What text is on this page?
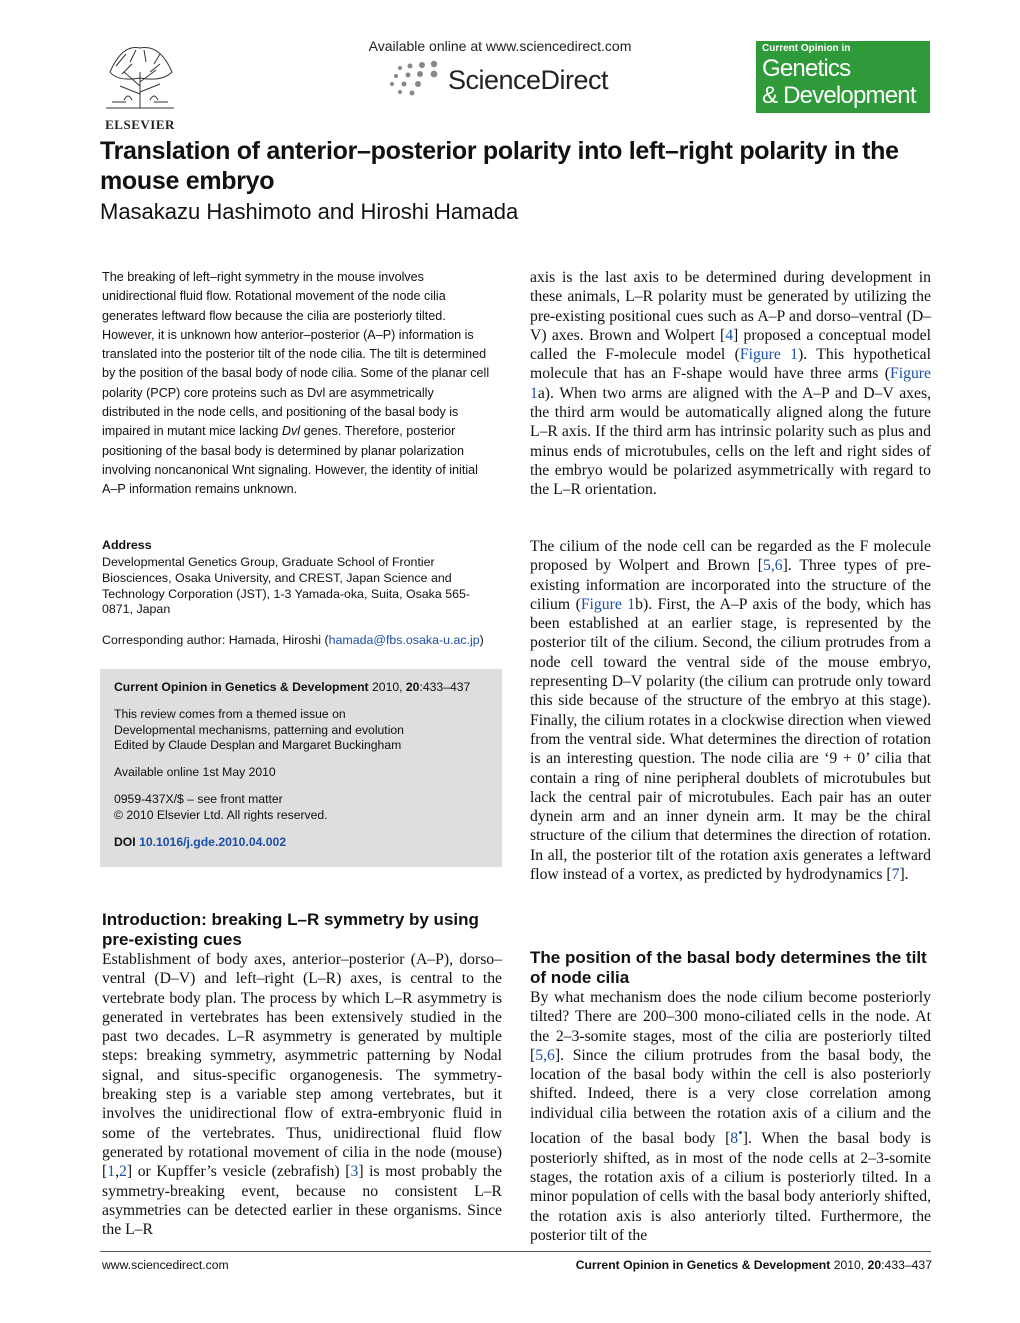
ELSEVIER
Available online at www.sciencedirect.com
ScienceDirect
Current Opinion in
Genetics
& Development
Translation of anterior–posterior polarity into left–right polarity in the mouse embryo
Masakazu Hashimoto and Hiroshi Hamada
The breaking of left–right symmetry in the mouse involves unidirectional fluid flow. Rotational movement of the node cilia generates leftward flow because the cilia are posteriorly tilted. However, it is unknown how anterior–posterior (A–P) information is translated into the posterior tilt of the node cilia. The tilt is determined by the position of the basal body of node cilia. Some of the planar cell polarity (PCP) core proteins such as Dvl are asymmetrically distributed in the node cells, and positioning of the basal body is impaired in mutant mice lacking Dvl genes. Therefore, posterior positioning of the basal body is determined by planar polarization involving noncanonical Wnt signaling. However, the identity of initial A–P information remains unknown.
Address
Developmental Genetics Group, Graduate School of Frontier Biosciences, Osaka University, and CREST, Japan Science and Technology Corporation (JST), 1-3 Yamada-oka, Suita, Osaka 565-0871, Japan
Corresponding author: Hamada, Hiroshi (hamada@fbs.osaka-u.ac.jp)
Current Opinion in Genetics & Development 2010, 20:433–437
This review comes from a themed issue on
Developmental mechanisms, patterning and evolution
Edited by Claude Desplan and Margaret Buckingham
Available online 1st May 2010
0959-437X/$ – see front matter
© 2010 Elsevier Ltd. All rights reserved.
DOI 10.1016/j.gde.2010.04.002
Introduction: breaking L–R symmetry by using pre-existing cues
Establishment of body axes, anterior–posterior (A–P), dorso–ventral (D–V) and left–right (L–R) axes, is central to the vertebrate body plan. The process by which L–R asymmetry is generated in vertebrates has been extensively studied in the past two decades. L–R asymmetry is generated by multiple steps: breaking symmetry, asymmetric patterning by Nodal signal, and situs-specific organogenesis. The symmetry-breaking step is a variable step among vertebrates, but it involves the unidirectional flow of extra-embryonic fluid in some of the vertebrates. Thus, unidirectional fluid flow generated by rotational movement of cilia in the node (mouse) [1,2] or Kupffer’s vesicle (zebrafish) [3] is most probably the symmetry-breaking event, because no consistent L–R asymmetries can be detected earlier in these organisms. Since the L–R
axis is the last axis to be determined during development in these animals, L–R polarity must be generated by utilizing the pre-existing positional cues such as A–P and dorso–ventral (D–V) axes. Brown and Wolpert [4] proposed a conceptual model called the F-molecule model (Figure 1). This hypothetical molecule that has an F-shape would have three arms (Figure 1a). When two arms are aligned with the A–P and D–V axes, the third arm would be automatically aligned along the future L–R axis. If the third arm has intrinsic polarity such as plus and minus ends of microtubules, cells on the left and right sides of the embryo would be polarized asymmetrically with regard to the L–R orientation.
The cilium of the node cell can be regarded as the F molecule proposed by Wolpert and Brown [5,6]. Three types of pre-existing information are incorporated into the structure of the cilium (Figure 1b). First, the A–P axis of the body, which has been established at an earlier stage, is represented by the posterior tilt of the cilium. Second, the cilium protrudes from a node cell toward the ventral side of the mouse embryo, representing D–V polarity (the cilium can protrude only toward this side because of the structure of the embryo at this stage). Finally, the cilium rotates in a clockwise direction when viewed from the ventral side. What determines the direction of rotation is an interesting question. The node cilia are ‘9 + 0’ cilia that contain a ring of nine peripheral doublets of microtubules but lack the central pair of microtubules. Each pair has an outer dynein arm and an inner dynein arm. It may be the chiral structure of the cilium that determines the direction of rotation. In all, the posterior tilt of the rotation axis generates a leftward flow instead of a vortex, as predicted by hydrodynamics [7].
The position of the basal body determines the tilt of node cilia
By what mechanism does the node cilium become posteriorly tilted? There are 200–300 mono-ciliated cells in the node. At the 2–3-somite stages, most of the cilia are posteriorly tilted [5,6]. Since the cilium protrudes from the basal body, the location of the basal body within the cell is also posteriorly shifted. Indeed, there is a very close correlation among individual cilia between the rotation axis of a cilium and the location of the basal body [8•]. When the basal body is posteriorly shifted, as in most of the node cells at 2–3-somite stages, the rotation axis of a cilium is posteriorly tilted. In a minor population of cells with the basal body anteriorly shifted, the rotation axis is also anteriorly tilted. Furthermore, the posterior tilt of the
www.sciencedirect.com	Current Opinion in Genetics & Development 2010, 20:433–437
